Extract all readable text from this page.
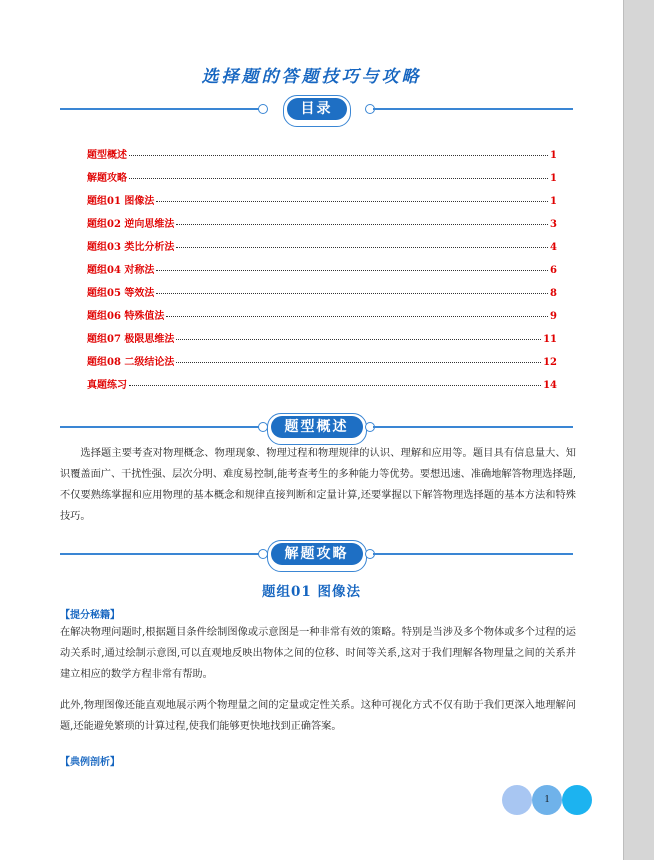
选择题的答题技巧与攻略
目录
题型概述	1
解题攻略	1
题组01 图像法	1
题组02 逆向思维法	3
题组03 类比分析法	4
题组04 对称法	6
题组05 等效法	8
题组06 特殊值法	9
题组07 极限思维法	11
题组08 二级结论法	12
真题练习	14
题型概述

选择题主要考查对物理概念、物理现象、物理过程和物理规律的认识、理解和应用等。题目具有信息量大、知识覆盖面广、干扰性强、层次分明、难度易控制,能考查考生的多种能力等优势。要想迅速、准确地解答物理选择题,不仅要熟练掌握和应用物理的基本概念和规律直接判断和定量计算,还要掌握以下解答物理选择题的基本方法和特殊技巧。

解题攻略
题组01 图像法
【提分秘籍】

在解决物理问题时,根据题目条件绘制图像或示意图是一种非常有效的策略。特别是当涉及多个物体或多个过程的运动关系时,通过绘制示意图,可以直观地反映出物体之间的位移、时间等关系,这对于我们理解各物理量之间的关系并建立相应的数学方程非常有帮助。

此外,物理图像还能直观地展示两个物理量之间的定量或定性关系。这种可视化方式不仅有助于我们更深入地理解问题,还能避免繁琐的计算过程,使我们能够更快地找到正确答案。

【典例剖析】
1
